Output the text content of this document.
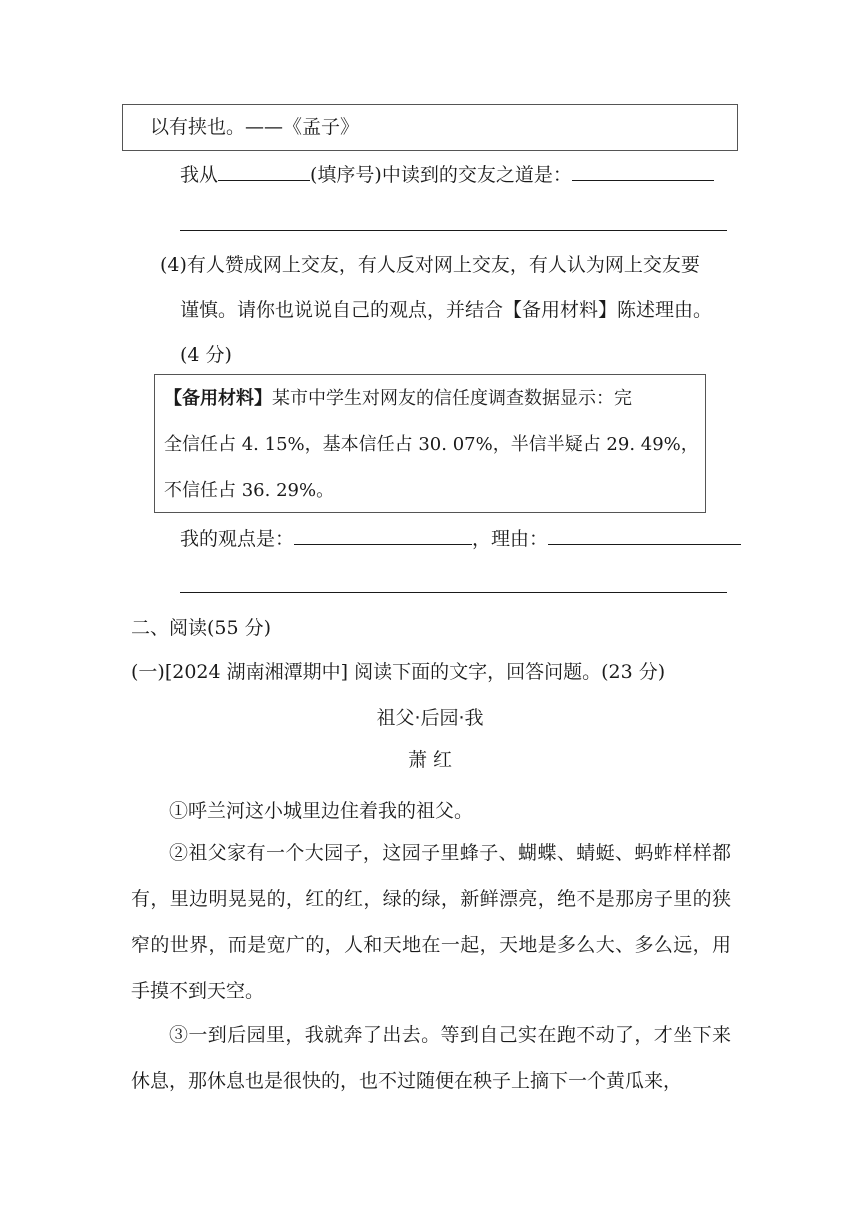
以有挟也。——《孟子》
我从	(填序号)中读到的交友之道是：
(4)有人赞成网上交友，有人反对网上交友，有人认为网上交友要
谨慎。请你也说说自己的观点，并结合【备用材料】陈述理由。
(4 分)
【备用材料】某市中学生对网友的信任度调查数据显示：完
全信任占 4. 15%，基本信任占 30. 07%，半信半疑占 29. 49%，
不信任占 36. 29%。
我的观点是：	，理由：
二、阅读(55 分)
(一)[2024 湖南湘潭期中] 阅读下面的文字，回答问题。(23 分)
祖父·后园·我
萧 红
①呼兰河这小城里边住着我的祖父。
②祖父家有一个大园子，这园子里蜂子、蝴蝶、蜻蜓、蚂蚱样样都有，里边明晃晃的，红的红，绿的绿，新鲜漂亮，绝不是那房子里的狭窄的世界，而是宽广的，人和天地在一起，天地是多么大、多么远，用手摸不到天空。
③一到后园里，我就奔了出去。等到自己实在跑不动了，才坐下来休息，那休息也是很快的，也不过随便在秧子上摘下一个黄瓜来，
